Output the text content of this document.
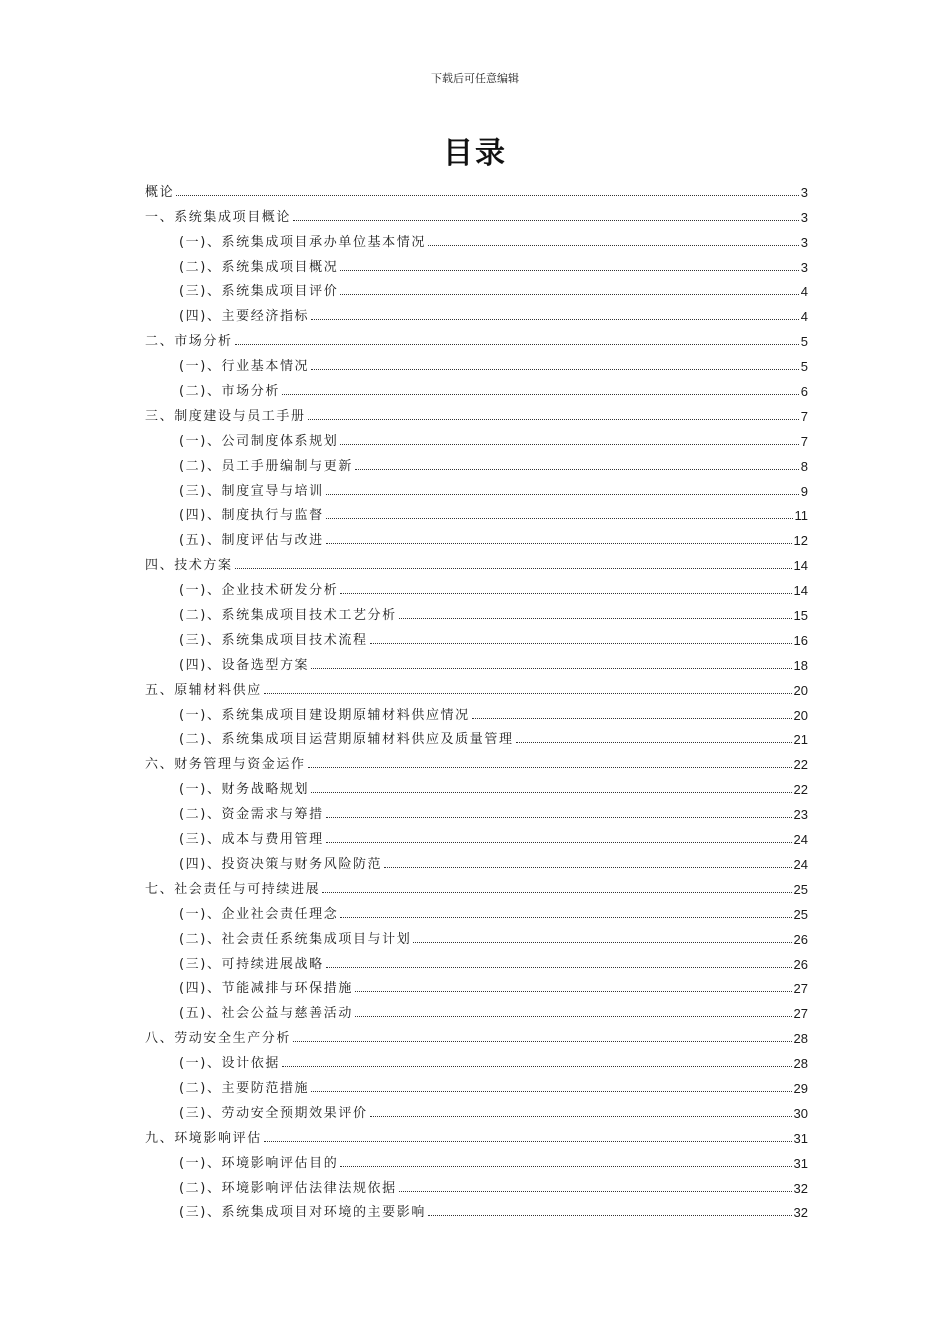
下载后可任意编辑
目录
概论	3
一、系统集成项目概论	3
(一)、系统集成项目承办单位基本情况	3
(二)、系统集成项目概况	3
(三)、系统集成项目评价	4
(四)、主要经济指标	4
二、市场分析	5
(一)、行业基本情况	5
(二)、市场分析	6
三、制度建设与员工手册	7
(一)、公司制度体系规划	7
(二)、员工手册编制与更新	8
(三)、制度宣导与培训	9
(四)、制度执行与监督	11
(五)、制度评估与改进	12
四、技术方案	14
(一)、企业技术研发分析	14
(二)、系统集成项目技术工艺分析	15
(三)、系统集成项目技术流程	16
(四)、设备选型方案	18
五、原辅材料供应	20
(一)、系统集成项目建设期原辅材料供应情况	20
(二)、系统集成项目运营期原辅材料供应及质量管理	21
六、财务管理与资金运作	22
(一)、财务战略规划	22
(二)、资金需求与筹措	23
(三)、成本与费用管理	24
(四)、投资决策与财务风险防范	24
七、社会责任与可持续进展	25
(一)、企业社会责任理念	25
(二)、社会责任系统集成项目与计划	26
(三)、可持续进展战略	26
(四)、节能减排与环保措施	27
(五)、社会公益与慈善活动	27
八、劳动安全生产分析	28
(一)、设计依据	28
(二)、主要防范措施	29
(三)、劳动安全预期效果评价	30
九、环境影响评估	31
(一)、环境影响评估目的	31
(二)、环境影响评估法律法规依据	32
(三)、系统集成项目对环境的主要影响	32
